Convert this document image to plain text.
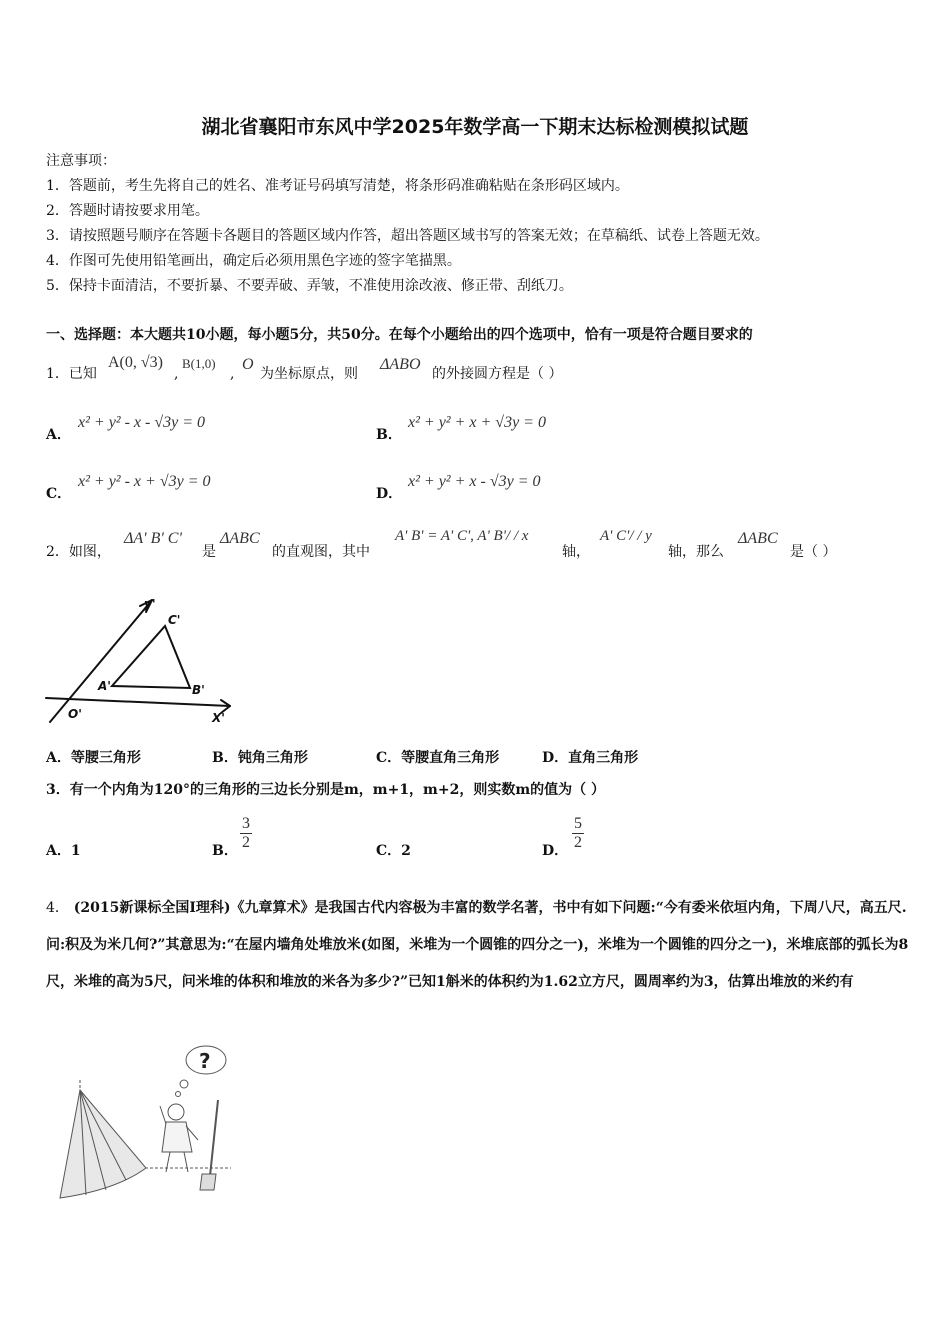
湖北省襄阳市东风中学2025年数学高一下期末达标检测模拟试题
注意事项：
1．答题前，考生先将自己的姓名、准考证号码填写清楚，将条形码准确粘贴在条形码区域内。
2．答题时请按要求用笔。
3．请按照题号顺序在答题卡各题目的答题区域内作答，超出答题区域书写的答案无效；在草稿纸、试卷上答题无效。
4．作图可先使用铅笔画出，确定后必须用黑色字迹的签字笔描黑。
5．保持卡面清洁，不要折暴、不要弄破、弄皱，不准使用涂改液、修正带、刮纸刀。
一、选择题：本大题共10小题，每小题5分，共50分。在每个小题给出的四个选项中，恰有一项是符合题目要求的
1．已知
A(0, √3)
,
B(1,0)
,
O
为坐标原点，则
ΔABO
的外接圆方程是（ ）
A．
x² + y² - x - √3y = 0
B．
x² + y² + x + √3y = 0
C．
x² + y² - x + √3y = 0
D．
x² + y² + x - √3y = 0
2．如图，
ΔA' B' C'
是
ΔABC
的直观图，其中
A' B' = A' C', A' B'/ / x
轴，
A' C'/ / y
轴，那么
ΔABC
是（ ）
y'
C'
A'	B'
O'	X'
A．等腰三角形	B．钝角三角形	C．等腰直角三角形	D．直角三角形
3．有一个内角为120°的三角形的三边长分别是m，m+1，m+2，则实数m的值为（ ）
A．1	B． $\frac{3}{2}$	C．2	D． $\frac{5}{2}$
4． (2015新课标全国I理科)《九章算术》是我国古代内容极为丰富的数学名著，书中有如下问题:“今有委米依垣内角，下周八尺，高五尺.问:积及为米几何?”其意思为:“在屋内墙角处堆放米(如图，米堆为一个圆锥的四分之一)，米堆为一个圆锥的四分之一)，米堆底部的弧长为8尺，米堆的高为5尺，问米堆的体积和堆放的米各为多少?”已知1斛米的体积约为1.62立方尺，圆周率约为3，估算出堆放的米约有
?
